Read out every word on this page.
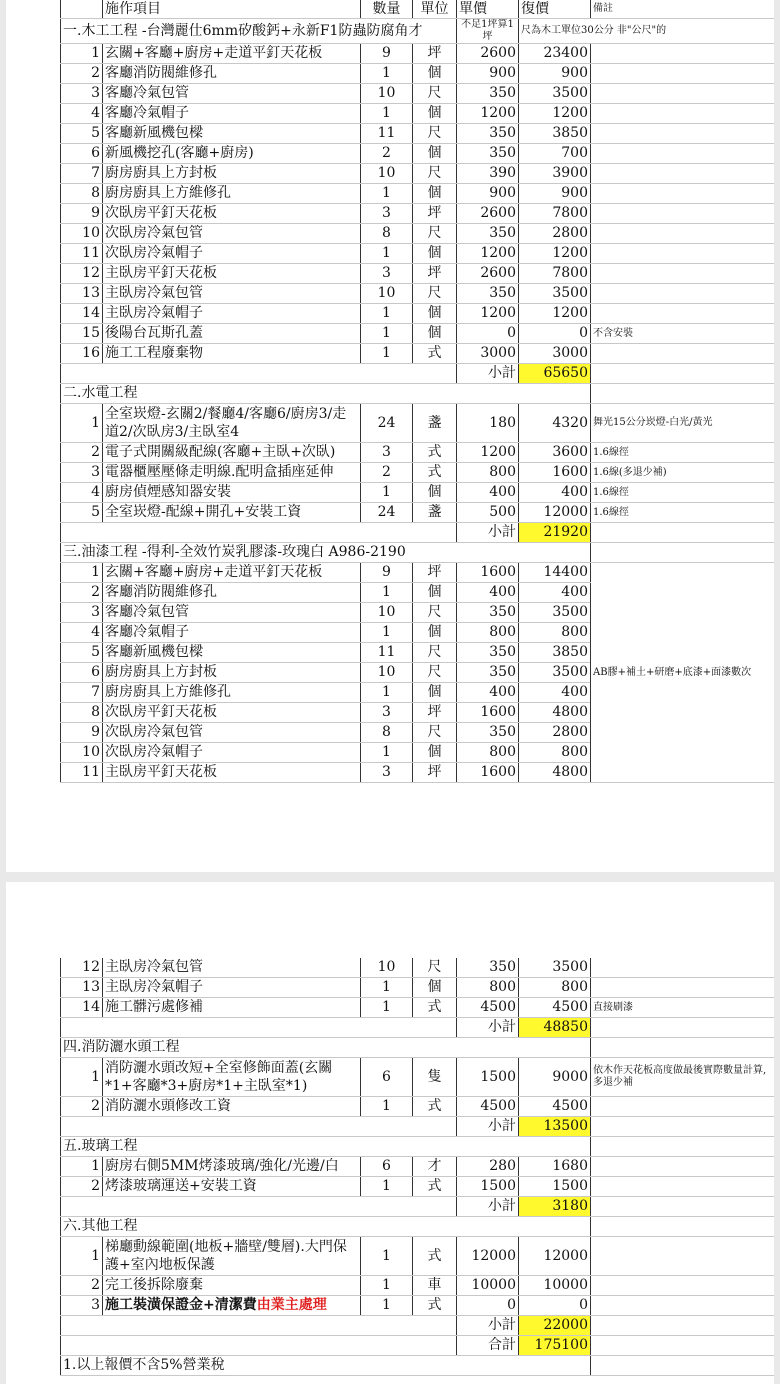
	施作項目	數量	單位	單價	復價	備註
一.木工工程 -台灣麗仕6mm矽酸鈣+永新F1防蟲防腐角才				不足1坪算1坪	尺為木工單位30公分 非"公尺"的	
1	玄關+客廳+廚房+走道平釘天花板	9	坪	2600	23400	
2	客廳消防閥維修孔	1	個	900	900	
3	客廳冷氣包管	10	尺	350	3500	
4	客廳冷氣帽子	1	個	1200	1200	
5	客廳新風機包樑	11	尺	350	3850	
6	新風機挖孔(客廳+廚房)	2	個	350	700	
7	廚房廚具上方封板	10	尺	390	3900	
8	廚房廚具上方維修孔	1	個	900	900	
9	次臥房平釘天花板	3	坪	2600	7800	
10	次臥房冷氣包管	8	尺	350	2800	
11	次臥房冷氣帽子	1	個	1200	1200	
12	主臥房平釘天花板	3	坪	2600	7800	
13	主臥房冷氣包管	10	尺	350	3500	
14	主臥房冷氣帽子	1	個	1200	1200	
15	後陽台瓦斯孔蓋	1	個	0	0	不含安裝
16	施工工程廢棄物	1	式	3000	3000	
				小計	65650	
二.水電工程						
1	全室崁燈-玄關2/餐廳4/客廳6/廚房3/走道2/次臥房3/主臥室4	24	盞	180	4320	舞光15公分崁燈-白光/黃光
2	電子式開關級配線(客廳+主臥+次臥)	3	式	1200	3600	1.6線徑
3	電器櫃壓壓條走明線.配明盒插座延伸	2	式	800	1600	1.6線(多退少補)
4	廚房偵煙感知器安裝	1	個	400	400	1.6線徑
5	全室崁燈-配線+開孔+安裝工資	24	盞	500	12000	1.6線徑
				小計	21920	
三.油漆工程 -得利-全效竹炭乳膠漆-玫瑰白 A986-2190						
1	玄關+客廳+廚房+走道平釘天花板	9	坪	1600	14400	AB膠+補土+研磨+底漆+面漆數次
2	客廳消防閥維修孔	1	個	400	400	
3	客廳冷氣包管	10	尺	350	3500	
4	客廳冷氣帽子	1	個	800	800	
5	客廳新風機包樑	11	尺	350	3850	
6	廚房廚具上方封板	10	尺	350	3500	
7	廚房廚具上方維修孔	1	個	400	400	
8	次臥房平釘天花板	3	坪	1600	4800	
9	次臥房冷氣包管	8	尺	350	2800	
10	次臥房冷氣帽子	1	個	800	800	
11	主臥房平釘天花板	3	坪	1600	4800	
12	主臥房冷氣包管	10	尺	350	3500	
13	主臥房冷氣帽子	1	個	800	800	
14	施工髒污處修補	1	式	4500	4500	直接刷漆
				小計	48850	
四.消防灑水頭工程						
1	消防灑水頭改短+全室修飾面蓋(玄關*1+客廳*3+廚房*1+主臥室*1)	6	隻	1500	9000	依木作天花板高度做最後實際數量計算,多退少補
2	消防灑水頭修改工資	1	式	4500	4500	
				小計	13500	
五.玻璃工程						
1	廚房右側5MM烤漆玻璃/強化/光邊/白	6	才	280	1680	
2	烤漆玻璃運送+安裝工資	1	式	1500	1500	
				小計	3180	
六.其他工程						
1	梯廳動線範圍(地板+牆壁/雙層).大門保護+室內地板保護	1	式	12000	12000	
2	完工後拆除廢棄	1	車	10000	10000	
3	施工裝潢保證金+清潔費由業主處理	1	式	0	0	
				小計	22000	
				合計	175100	
1.以上報價不含5%營業稅						
